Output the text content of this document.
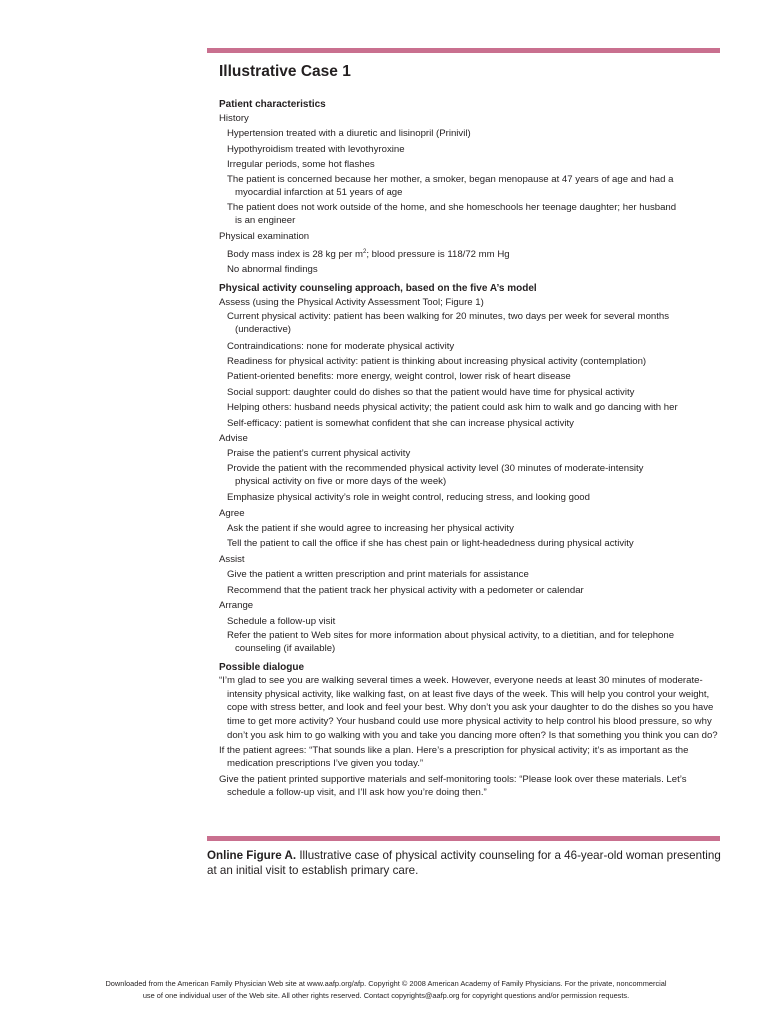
Illustrative Case 1
Patient characteristics
History
Hypertension treated with a diuretic and lisinopril (Prinivil)
Hypothyroidism treated with levothyroxine
Irregular periods, some hot flashes
The patient is concerned because her mother, a smoker, began menopause at 47 years of age and had a
myocardial infarction at 51 years of age
The patient does not work outside of the home, and she homeschools her teenage daughter; her husband
is an engineer
Physical examination
Body mass index is 28 kg per $m^2$; blood pressure is 118/72 mm Hg
No abnormal findings
Physical activity counseling approach, based on the five A’s model
Assess (using the Physical Activity Assessment Tool; Figure 1)
Current physical activity: patient has been walking for 20 minutes, two days per week for several months
(underactive)
Contraindications: none for moderate physical activity
Readiness for physical activity: patient is thinking about increasing physical activity (contemplation)
Patient-oriented benefits: more energy, weight control, lower risk of heart disease
Social support: daughter could do dishes so that the patient would have time for physical activity
Helping others: husband needs physical activity; the patient could ask him to walk and go dancing with her
Self-efficacy: patient is somewhat confident that she can increase physical activity
Advise
Praise the patient’s current physical activity
Provide the patient with the recommended physical activity level (30 minutes of moderate-intensity
physical activity on five or more days of the week)
Emphasize physical activity’s role in weight control, reducing stress, and looking good
Agree
Ask the patient if she would agree to increasing her physical activity
Tell the patient to call the office if she has chest pain or light-headedness during physical activity
Assist
Give the patient a written prescription and print materials for assistance
Recommend that the patient track her physical activity with a pedometer or calendar
Arrange
Schedule a follow-up visit
Refer the patient to Web sites for more information about physical activity, to a dietitian, and for telephone
counseling (if available)
Possible dialogue
“I’m glad to see you are walking several times a week. However, everyone needs at least 30 minutes of moderate-intensity physical activity, like walking fast, on at least five days of the week. This will help you control your weight, cope with stress better, and look and feel your best. Why don’t you ask your daughter to do the dishes so you have time to get more activity? Your husband could use more physical activity to help control his blood pressure, so why don’t you ask him to go walking with you and take you dancing more often? Is that something you think you can do?
If the patient agrees: “That sounds like a plan. Here’s a prescription for physical activity; it’s as important as the medication prescriptions I’ve given you today.”
Give the patient printed supportive materials and self-monitoring tools: “Please look over these materials. Let’s schedule a follow-up visit, and I’ll ask how you’re doing then.”
Online Figure A. Illustrative case of physical activity counseling for a 46-year-old woman presenting at an initial visit to establish primary care.
Downloaded from the American Family Physician Web site at www.aafp.org/afp. Copyright © 2008 American Academy of Family Physicians. For the private, noncommercial
use of one individual user of the Web site. All other rights reserved. Contact copyrights@aafp.org for copyright questions and/or permission requests.
